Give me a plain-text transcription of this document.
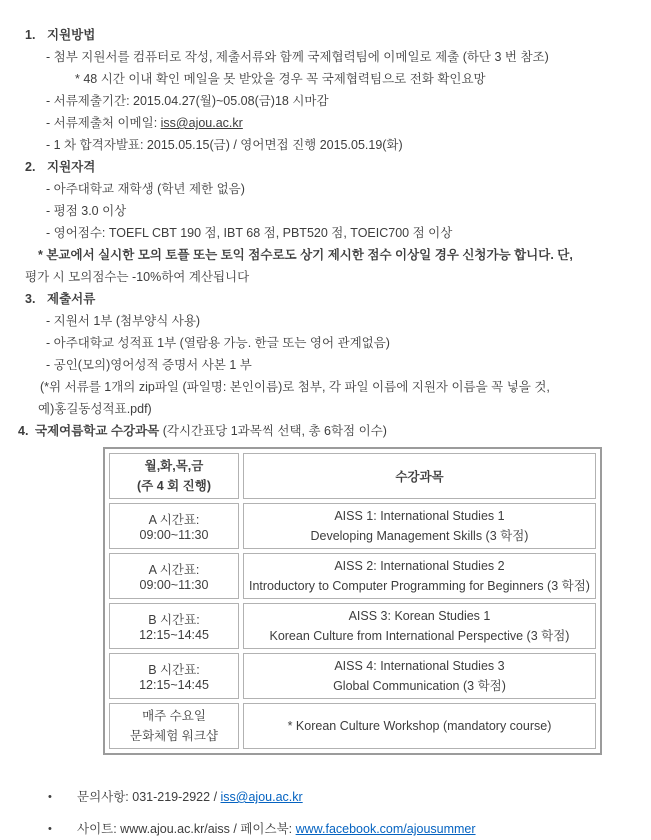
1. 지원방법
- 첨부 지원서를 컴퓨터로 작성, 제출서류와 함께 국제협력팀에 이메일로 제출 (하단 3 번 참조)
* 48 시간 이내 확인 메일을 못 받았을 경우 꼭 국제협력팀으로 전화 확인요망
- 서류제출기간: 2015.04.27(월)~05.08(금)18 시마감
- 서류제출처 이메일: iss@ajou.ac.kr
- 1 차 합격자발표: 2015.05.15(금) / 영어면접 진행 2015.05.19(화)
2. 지원자격
- 아주대학교 재학생 (학년 제한 없음)
- 평점 3.0 이상
- 영어점수: TOEFL CBT 190 점, IBT 68 점, PBT520 점, TOEIC700 점 이상
* 본교에서 실시한 모의 토플 또는 토익 점수로도 상기 제시한 점수 이상일 경우 신청가능 합니다. 단,
평가 시 모의점수는 -10%하여 계산됩니다
3. 제출서류
- 지원서 1부 (첨부양식 사용)
- 아주대학교 성적표 1부 (열람용 가능. 한글 또는 영어 관계없음)
- 공인(모의)영어성적 증명서 사본 1 부
(*위 서류를 1개의 zip파일 (파일명: 본인이름)로 첨부, 각 파일 이름에 지원자 이름을 꼭 넣을 것,
예)홍길동성적표.pdf)
4. 국제여름학교 수강과목 (각시간표당 1과목씩 선택, 총 6학점 이수)
월,화,목,금
(주 4 회 진행)	수강과목
A 시간표: 09:00~11:30	AISS 1: International Studies 1
Developing Management Skills (3 학점)

A 시간표: 09:00~11:30	AISS 2: International Studies 2
Introductory to Computer Programming for Beginners (3 학점)

B 시간표: 12:15~14:45	AISS 3: Korean Studies 1
Korean Culture from International Perspective (3 학점)

B 시간표: 12:15~14:45	AISS 4: International Studies 3
Global Communication (3 학점)

매주 수요일
문화체험 워크샵	* Korean Culture Workshop (mandatory course)
• 문의사항: 031-219-2922 / iss@ajou.ac.kr
• 사이트: www.ajou.ac.kr/aiss / 페이스북: www.facebook.com/ajousummer
